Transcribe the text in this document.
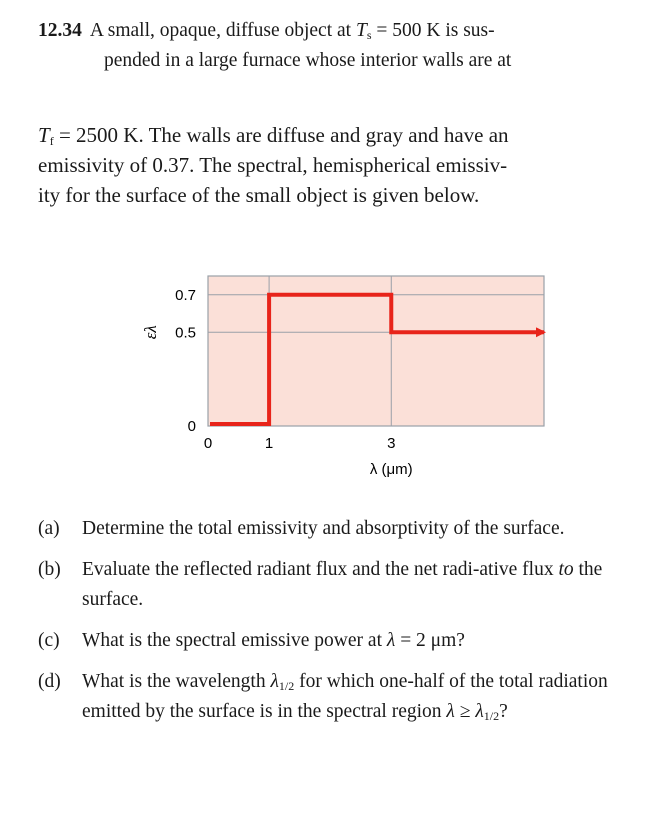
12.34 A small, opaque, diffuse object at $T_s = 500$ K is sus-
pended in a large furnace whose interior walls are at
$T_f = 2500$ K. The walls are diffuse and gray and have an
emissivity of 0.37. The spectral, hemispherical emissiv-
ity for the surface of the small object is given below.
0
0.5
0.7
0	1	3
λ (μm)
ελ
(a) Determine the total emissivity and absorptivity of the surface.
(b) Evaluate the reflected radiant flux and the net radi-ative flux to the surface.
(c) What is the spectral emissive power at λ = 2 μm?
(d) What is the wavelength $\lambda_{1/2}$ for which one-half of the total radiation emitted by the surface is in the spectral region $\lambda \ge \lambda_{1/2}$?
